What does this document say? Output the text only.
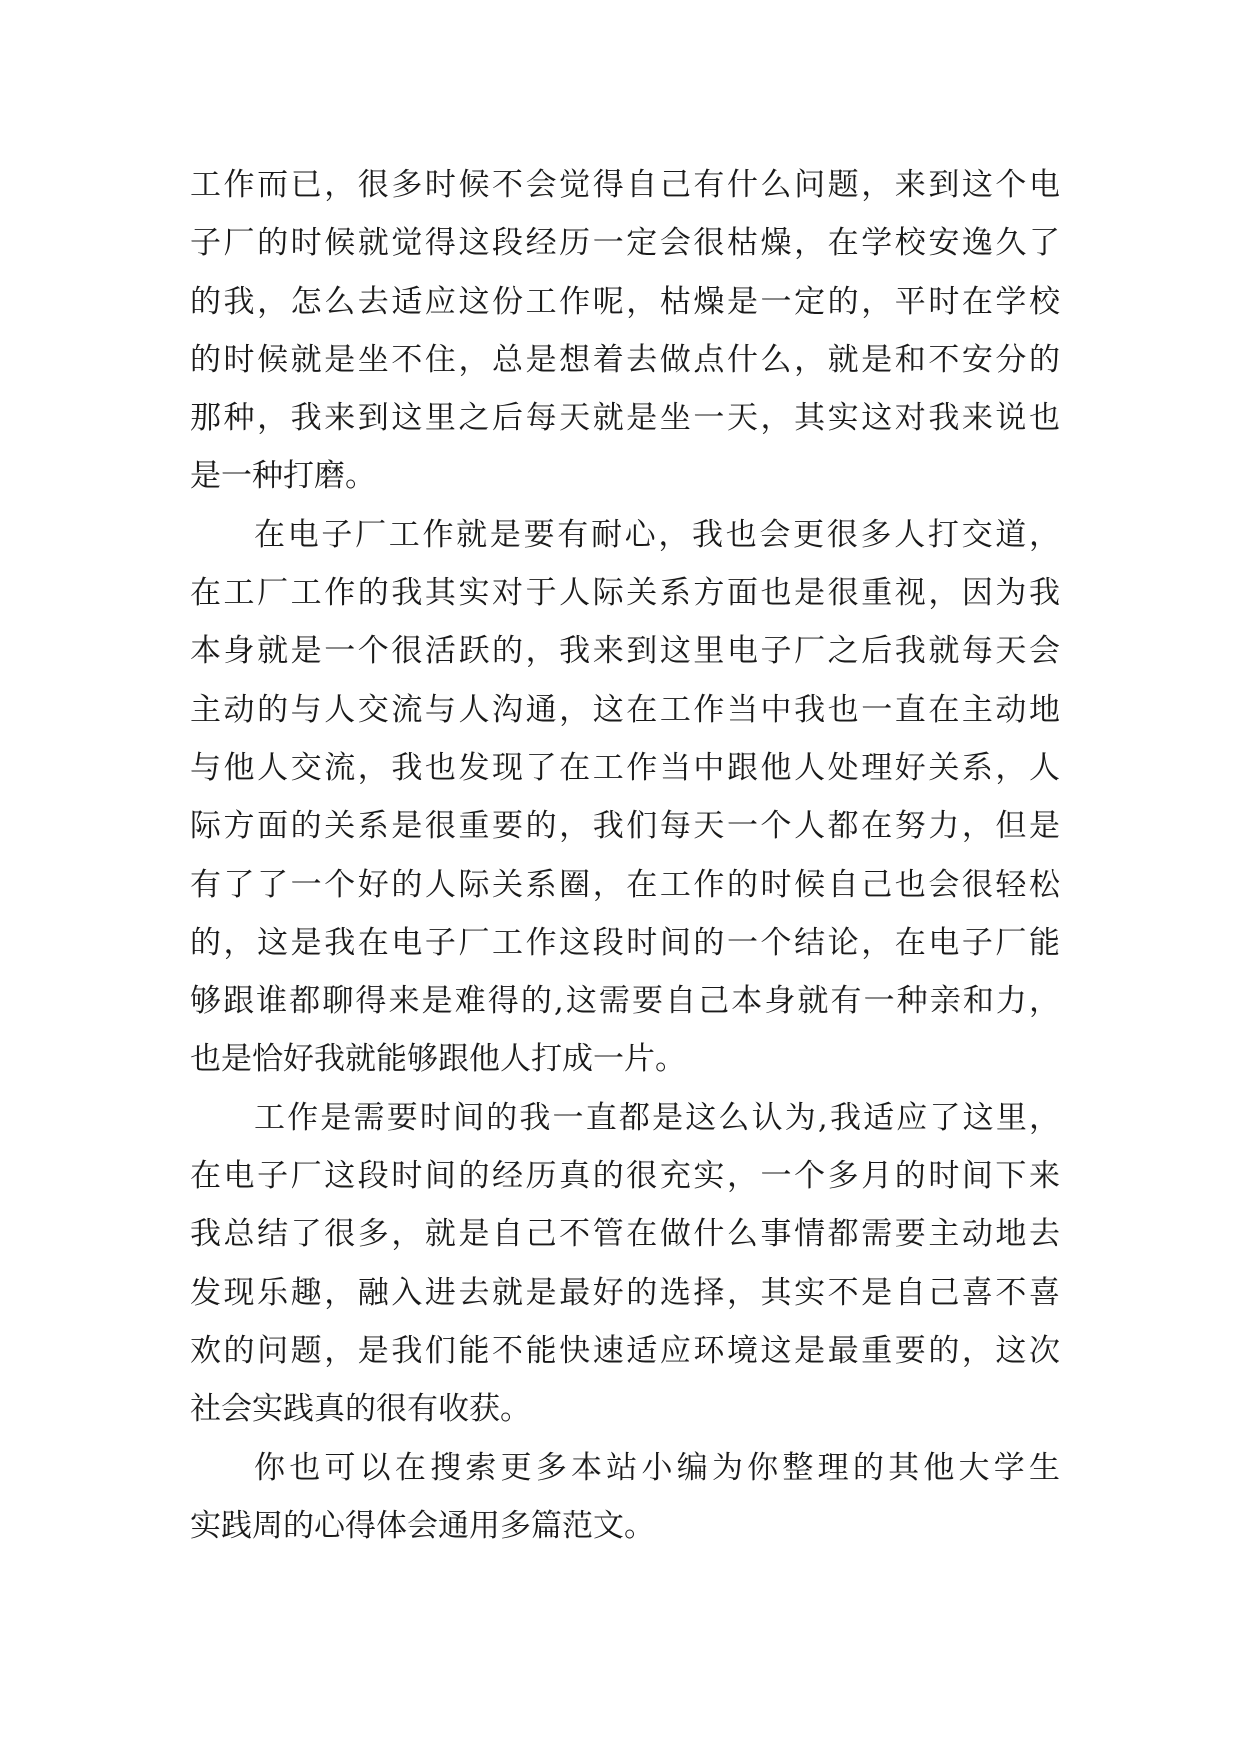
工作而已，很多时候不会觉得自己有什么问题，来到这个电
子厂的时候就觉得这段经历一定会很枯燥，在学校安逸久了
的我，怎么去适应这份工作呢，枯燥是一定的，平时在学校
的时候就是坐不住，总是想着去做点什么，就是和不安分的
那种，我来到这里之后每天就是坐一天，其实这对我来说也
是一种打磨。
在电子厂工作就是要有耐心，我也会更很多人打交道，
在工厂工作的我其实对于人际关系方面也是很重视，因为我
本身就是一个很活跃的，我来到这里电子厂之后我就每天会
主动的与人交流与人沟通，这在工作当中我也一直在主动地
与他人交流，我也发现了在工作当中跟他人处理好关系，人
际方面的关系是很重要的，我们每天一个人都在努力，但是
有了了一个好的人际关系圈，在工作的时候自己也会很轻松
的，这是我在电子厂工作这段时间的一个结论，在电子厂能
够跟谁都聊得来是难得的,这需要自己本身就有一种亲和力，
也是恰好我就能够跟他人打成一片。
工作是需要时间的我一直都是这么认为,我适应了这里，
在电子厂这段时间的经历真的很充实，一个多月的时间下来
我总结了很多，就是自己不管在做什么事情都需要主动地去
发现乐趣，融入进去就是最好的选择，其实不是自己喜不喜
欢的问题，是我们能不能快速适应环境这是最重要的，这次
社会实践真的很有收获。
你也可以在搜索更多本站小编为你整理的其他大学生
实践周的心得体会通用多篇范文。
